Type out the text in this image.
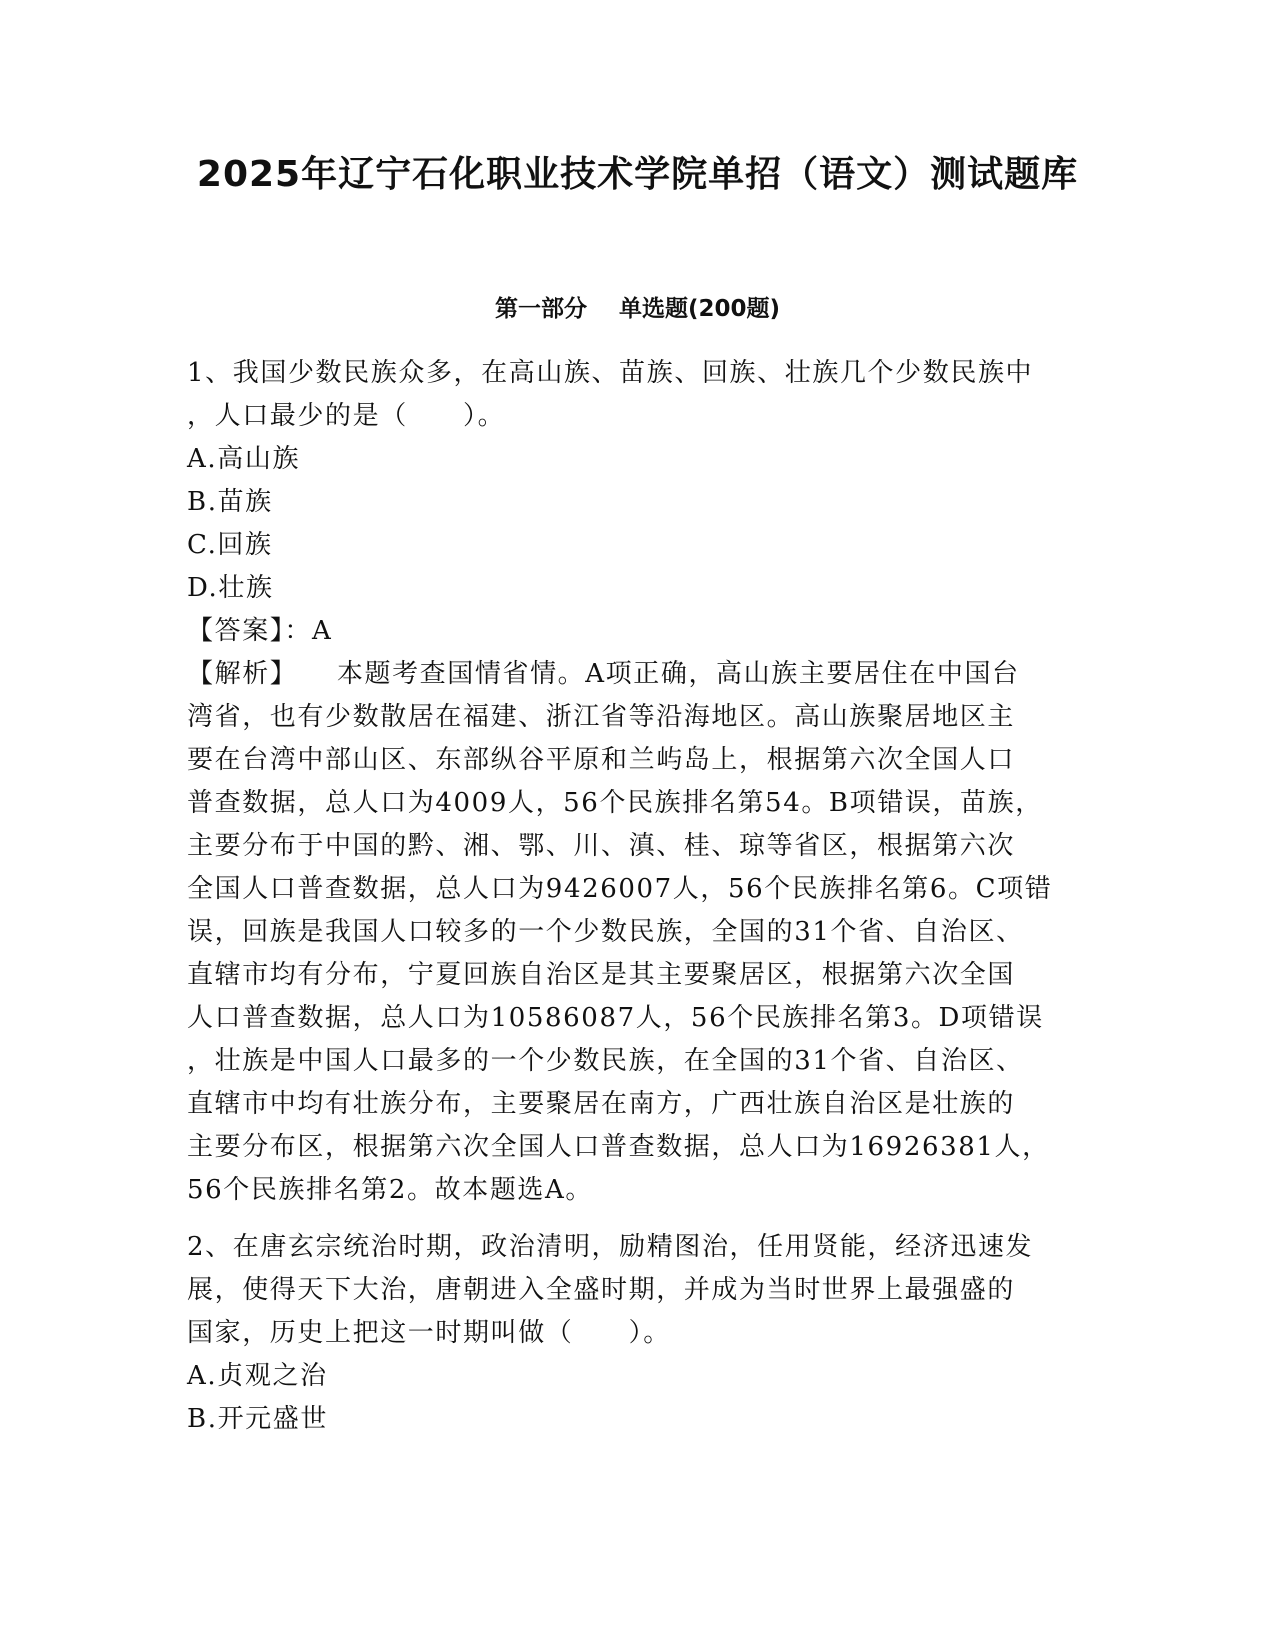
2025年辽宁石化职业技术学院单招（语文）测试题库
第一部分    单选题(200题)
1、我国少数民族众多，在高山族、苗族、回族、壮族几个少数民族中
，人口最少的是（　　）。
A.高山族
B.苗族
C.回族
D.壮族
【答案】：A
【解析】 本题考查国情省情。A项正确，高山族主要居住在中国台
湾省，也有少数散居在福建、浙江省等沿海地区。高山族聚居地区主
要在台湾中部山区、东部纵谷平原和兰屿岛上，根据第六次全国人口
普查数据，总人口为4009人，56个民族排名第54。B项错误，苗族，
主要分布于中国的黔、湘、鄂、川、滇、桂、琼等省区，根据第六次
全国人口普查数据，总人口为9426007人，56个民族排名第6。C项错
误，回族是我国人口较多的一个少数民族，全国的31个省、自治区、
直辖市均有分布，宁夏回族自治区是其主要聚居区，根据第六次全国
人口普查数据，总人口为10586087人，56个民族排名第3。D项错误
，壮族是中国人口最多的一个少数民族，在全国的31个省、自治区、
直辖市中均有壮族分布，主要聚居在南方，广西壮族自治区是壮族的
主要分布区，根据第六次全国人口普查数据，总人口为16926381人，
56个民族排名第2。故本题选A。
2、在唐玄宗统治时期，政治清明，励精图治，任用贤能，经济迅速发
展，使得天下大治，唐朝进入全盛时期，并成为当时世界上最强盛的
国家，历史上把这一时期叫做（　　）。
A.贞观之治
B.开元盛世
